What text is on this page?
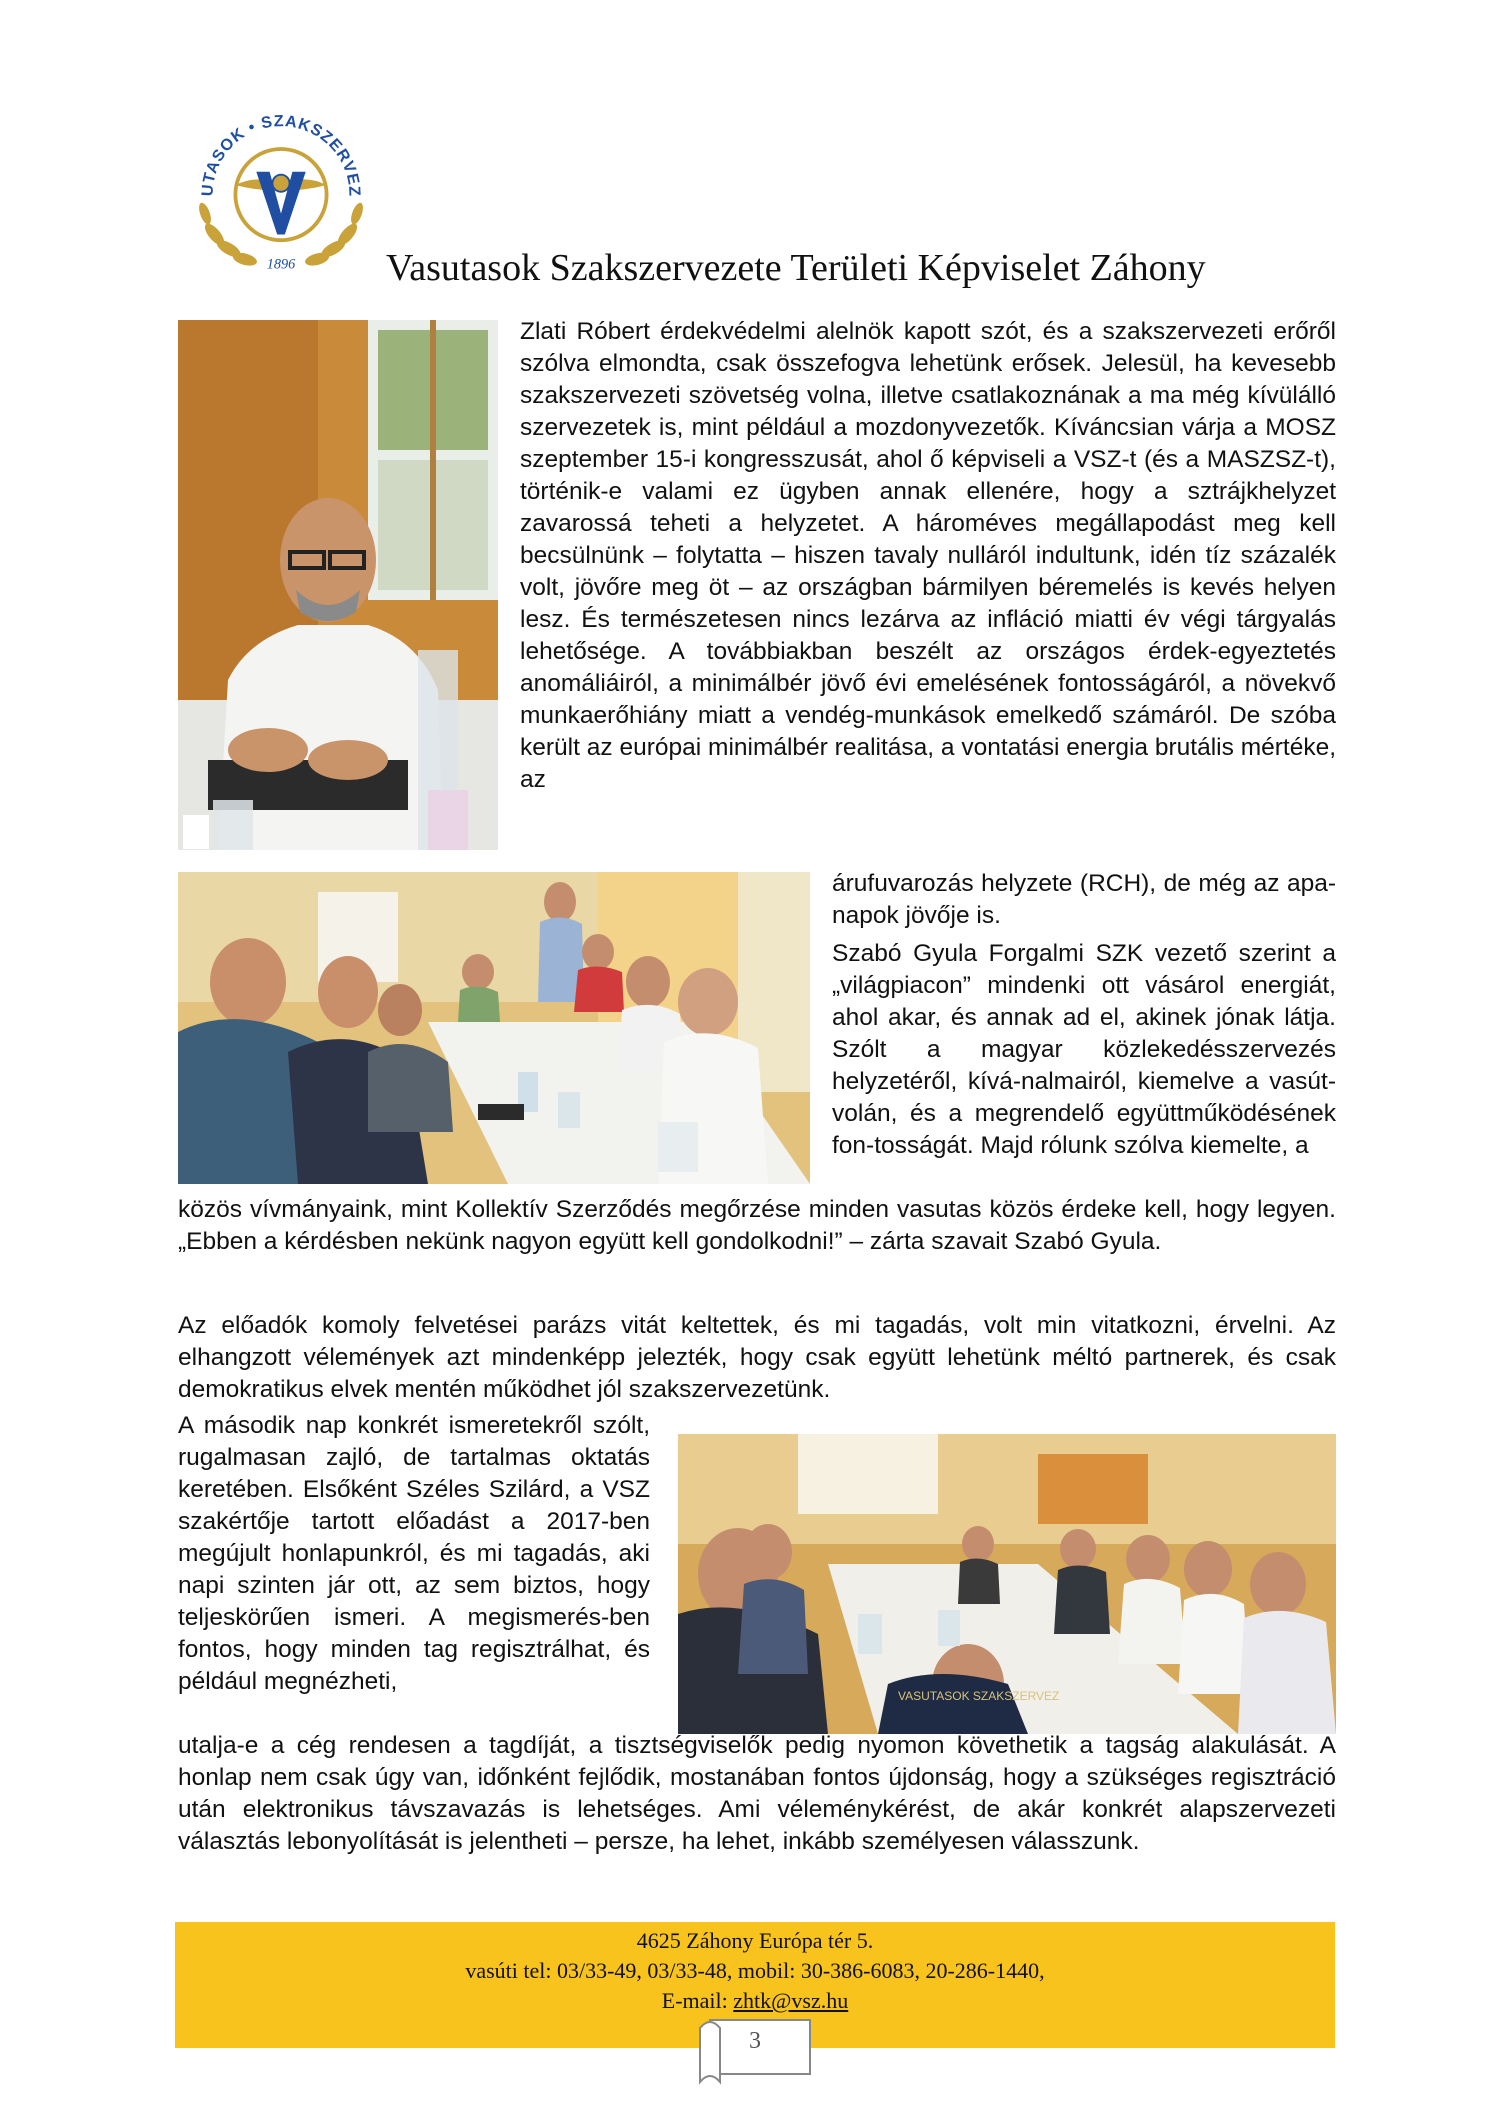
UTASOK • SZAKSZERVEZ
1896 Vasutasok Szakszervezete Területi Képviselet Záhony
Zlati Róbert érdekvédelmi alelnök kapott szót, és a szakszervezeti erőről szólva elmondta, csak összefogva lehetünk erősek. Jelesül, ha kevesebb szakszervezeti szövetség volna, illetve csatlakoznának a ma még kívülálló szervezetek is, mint például a mozdonyvezetők. Kíváncsian várja a MOSZ szeptember 15-i kongresszusát, ahol ő képviseli a VSZ-t (és a MASZSZ-t), történik-e valami ez ügyben annak ellenére, hogy a sztrájkhelyzet zavarossá teheti a helyzetet. A hároméves megállapodást meg kell becsülnünk – folytatta – hiszen tavaly nulláról indultunk, idén tíz százalék volt, jövőre meg öt – az országban bármilyen béremelés is kevés helyen lesz. És természetesen nincs lezárva az infláció miatti év végi tárgyalás lehetősége. A továbbiakban beszélt az országos érdek-egyeztetés anomáliáiról, a minimálbér jövő évi emelésének fontosságáról, a növekvő munkaerőhiány miatt a vendég-munkások emelkedő számáról. De szóba került az európai minimálbér realitása, a vontatási energia brutális mértéke, az
árufuvarozás helyzete (RCH), de még az apa-napok jövője is.
Szabó Gyula Forgalmi SZK vezető szerint a „világpiacon” mindenki ott vásárol energiát, ahol akar, és annak ad el, akinek jónak látja. Szólt a magyar közlekedésszervezés helyzetéről, kívá-nalmairól, kiemelve a vasút-volán, és a megrendelő együttműködésének fon-tosságát. Majd rólunk szólva kiemelte, a
közös vívmányaink, mint Kollektív Szerződés megőrzése minden vasutas közös érdeke kell, hogy legyen. „Ebben a kérdésben nekünk nagyon együtt kell gondolkodni!” – zárta szavait Szabó Gyula.
Az előadók komoly felvetései parázs vitát keltettek, és mi tagadás, volt min vitatkozni, érvelni. Az elhangzott vélemények azt mindenképp jelezték, hogy csak együtt lehetünk méltó partnerek, és csak demokratikus elvek mentén működhet jól szakszervezetünk.
VASUTASOK SZAKSZERVEZ
A második nap konkrét ismeretekről szólt, rugalmasan zajló, de tartalmas oktatás keretében. Elsőként Széles Szilárd, a VSZ szakértője tartott előadást a 2017-ben megújult honlapunkról, és mi tagadás, aki napi szinten jár ott, az sem biztos, hogy teljeskörűen ismeri. A megismerés-ben fontos, hogy minden tag regisztrálhat, és például megnézheti,
utalja-e a cég rendesen a tagdíját, a tisztségviselők pedig nyomon követhetik a tagság alakulását. A honlap nem csak úgy van, időnként fejlődik, mostanában fontos újdonság, hogy a szükséges regisztráció után elektronikus távszavazás is lehetséges. Ami véleménykérést, de akár konkrét alapszervezeti választás lebonyolítását is jelentheti – persze, ha lehet, inkább személyesen válasszunk.
4625 Záhony Európa tér 5.
vasúti tel: 03/33-49, 03/33-48, mobil: 30-386-6083, 20-286-1440,
E-mail: zhtk@vsz.hu
3
